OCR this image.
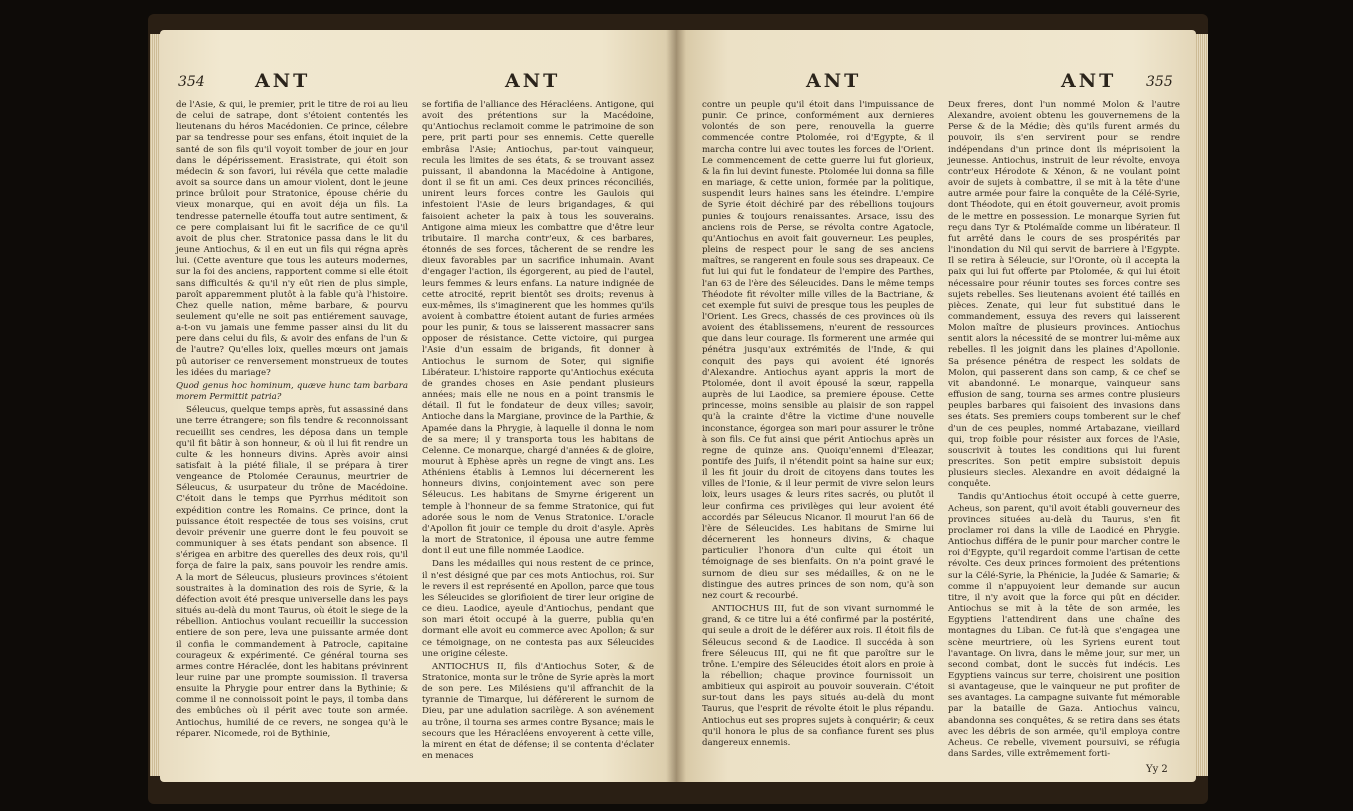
354	ANT	ANT

de l'Asie, & qui, le premier, prit le titre de roi au lieu de celui de satrape, dont s'étoient contentés les lieutenans du héros Macédonien. Ce prince, célebre par sa tendresse pour ses enfans, étoit inquiet de la santé de son fils qu'il voyoit tomber de jour en jour dans le dépérissement. Erasistrate, qui étoit son médecin & son favori, lui révéla que cette maladie avoit sa source dans un amour violent, dont le jeune prince brûloit pour Stratonice, épouse chérie du vieux monarque, qui en avoit déja un fils. La tendresse paternelle étouffa tout autre sentiment, & ce pere complaisant lui fit le sacrifice de ce qu'il avoit de plus cher. Stratonice passa dans le lit du jeune Antiochus, & il en eut un fils qui régna après lui. (Cette aventure que tous les auteurs modernes, sur la foi des anciens, rapportent comme si elle étoit sans difficultés & qu'il n'y eût rien de plus simple, paroît apparemment plutôt à la fable qu'à l'histoire. Chez quelle nation, même barbare, & pourvu seulement qu'elle ne soit pas entiérement sauvage, a-t-on vu jamais une femme passer ainsi du lit du pere dans celui du fils, & avoir des enfans de l'un & de l'autre? Qu'elles loix, quelles mœurs ont jamais pû autoriser ce renversement monstrueux de toutes les idées du mariage?

Quod genus hoc hominum, quæve hunc tam barbara morem Permittit patria?

Séleucus, quelque temps après, fut assassiné dans une terre étrangere; son fils tendre & reconnoissant recueillit ses cendres, les déposa dans un temple qu'il fit bâtir à son honneur, & où il lui fit rendre un culte & les honneurs divins. Après avoir ainsi satisfait à la piété filiale, il se prépara à tirer vengeance de Ptolomée Ceraunus, meurtrier de Séleucus, & usurpateur du trône de Macédoine. C'étoit dans le temps que Pyrrhus méditoit son expédition contre les Romains. Ce prince, dont la puissance étoit respectée de tous ses voisins, crut devoir prévenir une guerre dont le feu pouvoit se communiquer à ses états pendant son absence. Il s'érigea en arbitre des querelles des deux rois, qu'il força de faire la paix, sans pouvoir les rendre amis. A la mort de Séleucus, plusieurs provinces s'étoient soustraites à la domination des rois de Syrie, & la défection avoit été presque universelle dans les pays situés au-delà du mont Taurus, où étoit le siege de la rébellion. Antiochus voulant recueillir la succession entiere de son pere, leva une puissante armée dont il confia le commandement à Patrocle, capitaine courageux & expérimenté. Ce général tourna ses armes contre Héraclée, dont les habitans prévinrent leur ruine par une prompte soumission. Il traversa ensuite la Phrygie pour entrer dans la Bythinie; & comme il ne connoissoit point le pays, il tomba dans des embûches où il périt avec toute son armée. Antiochus, humilié de ce revers, ne songea qu'à le réparer. Nicomede, roi de Bythinie,

se fortifia de l'alliance des Héracléens. Antigone, qui avoit des prétentions sur la Macédoine, qu'Antiochus reclamoit comme le patrimoine de son pere, prit parti pour ses ennemis. Cette querelle embrâsa l'Asie; Antiochus, par-tout vainqueur, recula les limites de ses états, & se trouvant assez puissant, il abandonna la Macédoine à Antigone, dont il se fit un ami. Ces deux princes réconciliés, unirent leurs forces contre les Gaulois qui infestoient l'Asie de leurs brigandages, & qui faisoient acheter la paix à tous les souverains. Antigone aima mieux les combattre que d'être leur tributaire. Il marcha contr'eux, & ces barbares, étonnés de ses forces, tâcherent de se rendre les dieux favorables par un sacrifice inhumain. Avant d'engager l'action, ils égorgerent, au pied de l'autel, leurs femmes & leurs enfans. La nature indignée de cette atrocité, reprit bientôt ses droits; revenus à eux-mêmes, ils s'imaginerent que les hommes qu'ils avoient à combattre étoient autant de furies armées pour les punir, & tous se laisserent massacrer sans opposer de résistance. Cette victoire, qui purgea l'Asie d'un essaim de brigands, fit donner à Antiochus le surnom de Soter, qui signifie Libérateur. L'histoire rapporte qu'Antiochus exécuta de grandes choses en Asie pendant plusieurs années; mais elle ne nous en a point transmis le détail. Il fut le fondateur de deux villes; savoir, Antioche dans la Margiane, province de la Parthie, & Apamée dans la Phrygie, à laquelle il donna le nom de sa mere; il y transporta tous les habitans de Celenne. Ce monarque, chargé d'années & de gloire, mourut à Ephèse après un regne de vingt ans. Les Athéniens établis à Lemnos lui décernerent les honneurs divins, conjointement avec son pere Séleucus. Les habitans de Smyrne érigerent un temple à l'honneur de sa femme Stratonice, qui fut adorée sous le nom de Venus Stratonice. L'oracle d'Apollon fit jouir ce temple du droit d'asyle. Après la mort de Stratonice, il épousa une autre femme dont il eut une fille nommée Laodice.

Dans les médailles qui nous restent de ce prince, il n'est désigné que par ces mots Antiochus, roi. Sur le revers il est représenté en Apollon, parce que tous les Séleucides se glorifioient de tirer leur origine de ce dieu. Laodice, ayeule d'Antiochus, pendant que son mari étoit occupé à la guerre, publia qu'en dormant elle avoit eu commerce avec Apollon; & sur ce témoignage, on ne contesta pas aux Séleucides une origine céleste.

ANTIOCHUS II, fils d'Antiochus Soter, & de Stratonice, monta sur le trône de Syrie après la mort de son pere. Les Milésiens qu'il affranchit de la tyrannie de Timarque, lui déférerent le surnom de Dieu, par une adulation sacrilège. A son avénement au trône, il tourna ses armes contre Bysance; mais le secours que les Héracléens envoyerent à cette ville, la mirent en état de défense; il se contenta d'éclater en menaces

ANT	ANT 355

contre un peuple qu'il étoit dans l'impuissance de punir. Ce prince, conformément aux dernieres volontés de son pere, renouvella la guerre commencée contre Ptolomée, roi d'Egypte, & il marcha contre lui avec toutes les forces de l'Orient. Le commencement de cette guerre lui fut glorieux, & la fin lui devint funeste. Ptolomée lui donna sa fille en mariage, & cette union, formée par la politique, suspendit leurs haines sans les éteindre. L'empire de Syrie étoit déchiré par des rébellions toujours punies & toujours renaissantes. Arsace, issu des anciens rois de Perse, se révolta contre Agatocle, qu'Antiochus en avoit fait gouverneur. Les peuples, pleins de respect pour le sang de ses anciens maîtres, se rangerent en foule sous ses drapeaux. Ce fut lui qui fut le fondateur de l'empire des Parthes, l'an 63 de l'ère des Séleucides. Dans le même temps Théodote fit révolter mille villes de la Bactriane, & cet exemple fut suivi de presque tous les peuples de l'Orient. Les Grecs, chassés de ces provinces où ils avoient des établissemens, n'eurent de ressources que dans leur courage. Ils formerent une armée qui pénétra jusqu'aux extrémités de l'Inde, & qui conquit des pays qui avoient été ignorés d'Alexandre. Antiochus ayant appris la mort de Ptolomée, dont il avoit épousé la sœur, rappella auprès de lui Laodice, sa premiere épouse. Cette princesse, moins sensible au plaisir de son rappel qu'à la crainte d'être la victime d'une nouvelle inconstance, égorgea son mari pour assurer le trône à son fils. Ce fut ainsi que périt Antiochus après un regne de quinze ans. Quoiqu'ennemi d'Eleazar, pontife des Juifs, il n'étendit point sa haine sur eux; il les fit jouir du droit de citoyens dans toutes les villes de l'Ionie, & il leur permit de vivre selon leurs loix, leurs usages & leurs rites sacrés, ou plutôt il leur confirma ces privilèges qui leur avoient été accordés par Séleucus Nicanor. Il mourut l'an 66 de l'ère de Séleucides. Les habitans de Smirne lui décernerent les honneurs divins, & chaque particulier l'honora d'un culte qui étoit un témoignage de ses bienfaits. On n'a point gravé le surnom de dieu sur ses médailles, & on ne le distingue des autres princes de son nom, qu'à son nez court & recourbé.

ANTIOCHUS III, fut de son vivant surnommé le grand, & ce titre lui a été confirmé par la postérité, qui seule a droit de le déférer aux rois. Il étoit fils de Séleucus second & de Laodice. Il succéda à son frere Séleucus III, qui ne fit que paroître sur le trône. L'empire des Séleucides étoit alors en proie à la rébellion; chaque province fournissoit un ambitieux qui aspiroit au pouvoir souverain. C'étoit sur-tout dans les pays situés au-delà du mont Taurus, que l'esprit de révolte étoit le plus répandu. Antiochus eut ses propres sujets à conquérir; & ceux qu'il honora le plus de sa confiance furent ses plus dangereux ennemis.

Deux freres, dont l'un nommé Molon & l'autre Alexandre, avoient obtenu les gouvernemens de la Perse & de la Médie; dès qu'ils furent armés du pouvoir, ils s'en servirent pour se rendre indépendans d'un prince dont ils méprisoient la jeunesse. Antiochus, instruit de leur révolte, envoya contr'eux Hérodote & Xénon, & ne voulant point avoir de sujets à combattre, il se mit à la tête d'une autre armée pour faire la conquête de la Célé-Syrie, dont Théodote, qui en étoit gouverneur, avoit promis de le mettre en possession. Le monarque Syrien fut reçu dans Tyr & Ptolémaïde comme un libérateur. Il fut arrêté dans le cours de ses prospérités par l'inondation du Nil qui servit de barriere à l'Egypte. Il se retira à Séleucie, sur l'Oronte, où il accepta la paix qui lui fut offerte par Ptolomée, & qui lui étoit nécessaire pour réunir toutes ses forces contre ses sujets rebelles. Ses lieutenans avoient été taillés en pièces. Zenate, qui leur fut substitué dans le commandement, essuya des revers qui laisserent Molon maître de plusieurs provinces. Antiochus sentit alors la nécessité de se montrer lui-même aux rebelles. Il les joignit dans les plaines d'Apollonie. Sa présence pénétra de respect les soldats de Molon, qui passerent dans son camp, & ce chef se vit abandonné. Le monarque, vainqueur sans effusion de sang, tourna ses armes contre plusieurs peuples barbares qui faisoient des invasions dans ses états. Ses premiers coups tomberent sur le chef d'un de ces peuples, nommé Artabazane, vieillard qui, trop foible pour résister aux forces de l'Asie, souscrivit à toutes les conditions qui lui furent prescrites. Son petit empire subsistoit depuis plusieurs siecles. Alexandre en avoit dédaigné la conquête.

Tandis qu'Antiochus étoit occupé à cette guerre, Acheus, son parent, qu'il avoit établi gouverneur des provinces situées au-delà du Taurus, s'en fit proclamer roi dans la ville de Laodicé en Phrygie. Antiochus différa de le punir pour marcher contre le roi d'Egypte, qu'il regardoit comme l'artisan de cette révolte. Ces deux princes formoient des prétentions sur la Célé-Syrie, la Phénicie, la Judée & Samarie; & comme il n'appuyoient leur demande sur aucun titre, il n'y avoit que la force qui pût en décider. Antiochus se mit à la tête de son armée, les Egyptiens l'attendirent dans une chaîne des montagnes du Liban. Ce fut-là que s'engagea une scène meurtriere, où les Syriens eurent tout l'avantage. On livra, dans le même jour, sur mer, un second combat, dont le succès fut indécis. Les Egyptiens vaincus sur terre, choisirent une position si avantageuse, que le vainqueur ne put profiter de ses avantages. La campagne suivante fut mémorable par la bataille de Gaza. Antiochus vaincu, abandonna ses conquêtes, & se retira dans ses états avec les débris de son armée, qu'il employa contre Acheus. Ce rebelle, vivement poursuivi, se réfugia dans Sardes, ville extrêmement forti-

Yy 2
